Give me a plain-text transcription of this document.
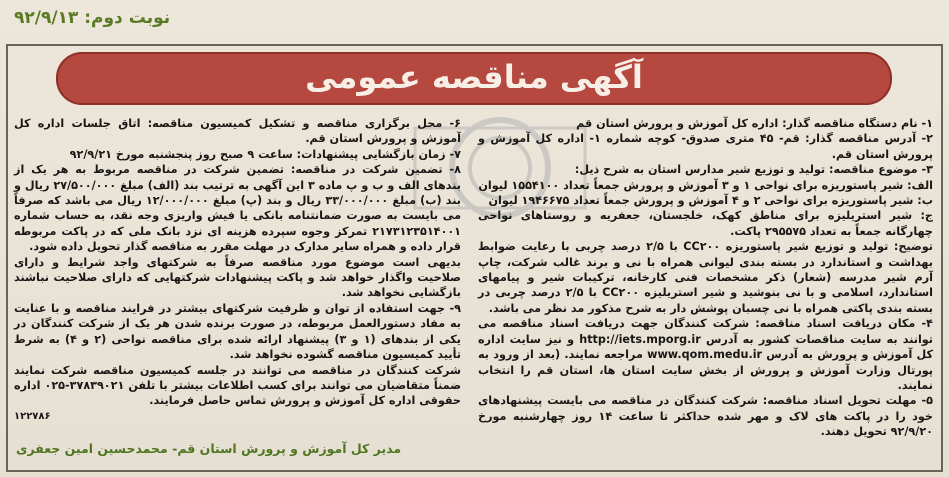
نوبت دوم: ۹۲/۹/۱۳
آگهی مناقصه عمومی

۱- نام دستگاه مناقصه گذار: اداره کل آموزش و پرورش استان قم

۲- آدرس مناقصه گذار: قم- ۴۵ متری صدوق- کوچه شماره ۱- اداره کل آموزش و پرورش استان قم.

۳- موضوع مناقصه: تولید و توزیع شیر مدارس استان به شرح ذیل:

الف: شیر پاستوریزه برای نواحی ۱ و ۳ آموزش و پرورش جمعاً تعداد ۱۵۵۴۱۰۰ لیوان

ب: شیر پاستوریزه برای نواحی ۲ و ۴ آموزش و پرورش جمعاً تعداد ۱۹۴۶۶۷۵ لیوان

ج: شیر استریلیزه برای مناطق کهک، خلجستان، جعفریه و روستاهای نواحی چهارگانه جمعاً به تعداد ۲۹۵۵۷۵ پاکت.

توضیح: تولید و توزیع شیر پاستوریزه CC۲۰۰ با ۲/۵ درصد چربی با رعایت ضوابط بهداشت و استاندارد در بسته بندی لیوانی همراه با نی و برند غالب شرکت، چاپ آرم شیر مدرسه (شعار) ذکر مشخصات فنی کارخانه، ترکیبات شیر و پیامهای استاندارد، اسلامی و با نی بنوشید و شیر استریلیزه CC۲۰۰ با ۲/۵ درصد چربی در بسته بندی پاکتی همراه با نی چسبان پوشش دار به شرح مذکور مد نظر می باشد.

۴- مکان دریافت اسناد مناقصه: شرکت کنندگان جهت دریافت اسناد مناقصه می توانند به سایت مناقصات کشور به آدرس http://iets.mporg.ir و نیز سایت اداره کل آموزش و پرورش به آدرس www.qom.medu.ir مراجعه نمایند. (بعد از ورود به پورتال وزارت آموزش و پرورش از بخش سایت استان ها، استان قم را انتخاب نمایند.

۵- مهلت تحویل اسناد مناقصه: شرکت کنندگان در مناقصه می بایست پیشنهادهای خود را در پاکت های لاک و مهر شده حداکثر تا ساعت ۱۴ روز چهارشنبه مورخ ۹۲/۹/۲۰ تحویل دهند.

۶- محل برگزاری مناقصه و تشکیل کمیسیون مناقصه: اتاق جلسات اداره کل آموزش و پرورش استان قم.

۷- زمان بازگشایی پیشنهادات: ساعت ۹ صبح روز پنجشنبه مورخ ۹۲/۹/۲۱

۸- تضمین شرکت در مناقصه: تضمین شرکت در مناقصه مربوط به هر یک از بندهای الف و ب و پ ماده ۳ این آگهی به ترتیب بند (الف) مبلغ ۲۷/۵۰۰/۰۰۰ ریال و بند (ب) مبلغ ۳۳/۰۰۰/۰۰۰ ریال و بند (پ) مبلغ ۱۲/۰۰۰/۰۰۰ ریال می باشد که صرفاً می بایست به صورت ضمانتنامه بانکی یا فیش واریزی وجه نقد، به حساب شماره ۲۱۷۳۱۲۳۵۱۴۰۰۱ تمرکز وجوه سپرده هزینه ای نزد بانک ملی که در پاکت مربوطه قرار داده و همراه سایر مدارک در مهلت مقرر به مناقصه گذار تحویل داده شود.

بدیهی است موضوع مورد مناقصه صرفاً به شرکتهای واجد شرایط و دارای صلاحیت واگذار خواهد شد و پاکت پیشنهادات شرکتهایی که دارای صلاحیت نباشند بازگشایی نخواهد شد.

۹- جهت استفاده از توان و ظرفیت شرکتهای بیشتر در فرایند مناقصه و با عنایت به مفاد دستورالعمل مربوطه، در صورت برنده شدن هر یک از شرکت کنندگان در یکی از بندهای (۱ و ۳) پیشنهاد ارائه شده برای مناقصه نواحی (۲ و ۴) به شرط تأیید کمیسیون مناقصه گشوده نخواهد شد.

شرکت کنندگان در مناقصه می توانند در جلسه کمیسیون مناقصه شرکت نمایند ضمناً متقاضیان می توانند برای کسب اطلاعات بیشتر با تلفن ۳۷۸۳۹۰۲۱-۰۲۵ اداره حقوقی اداره کل آموزش و پرورش تماس حاصل فرمایند.

۱۲۲۷۸۶

مدیر کل آموزش و پرورش استان قم- محمدحسین امین جعفری
